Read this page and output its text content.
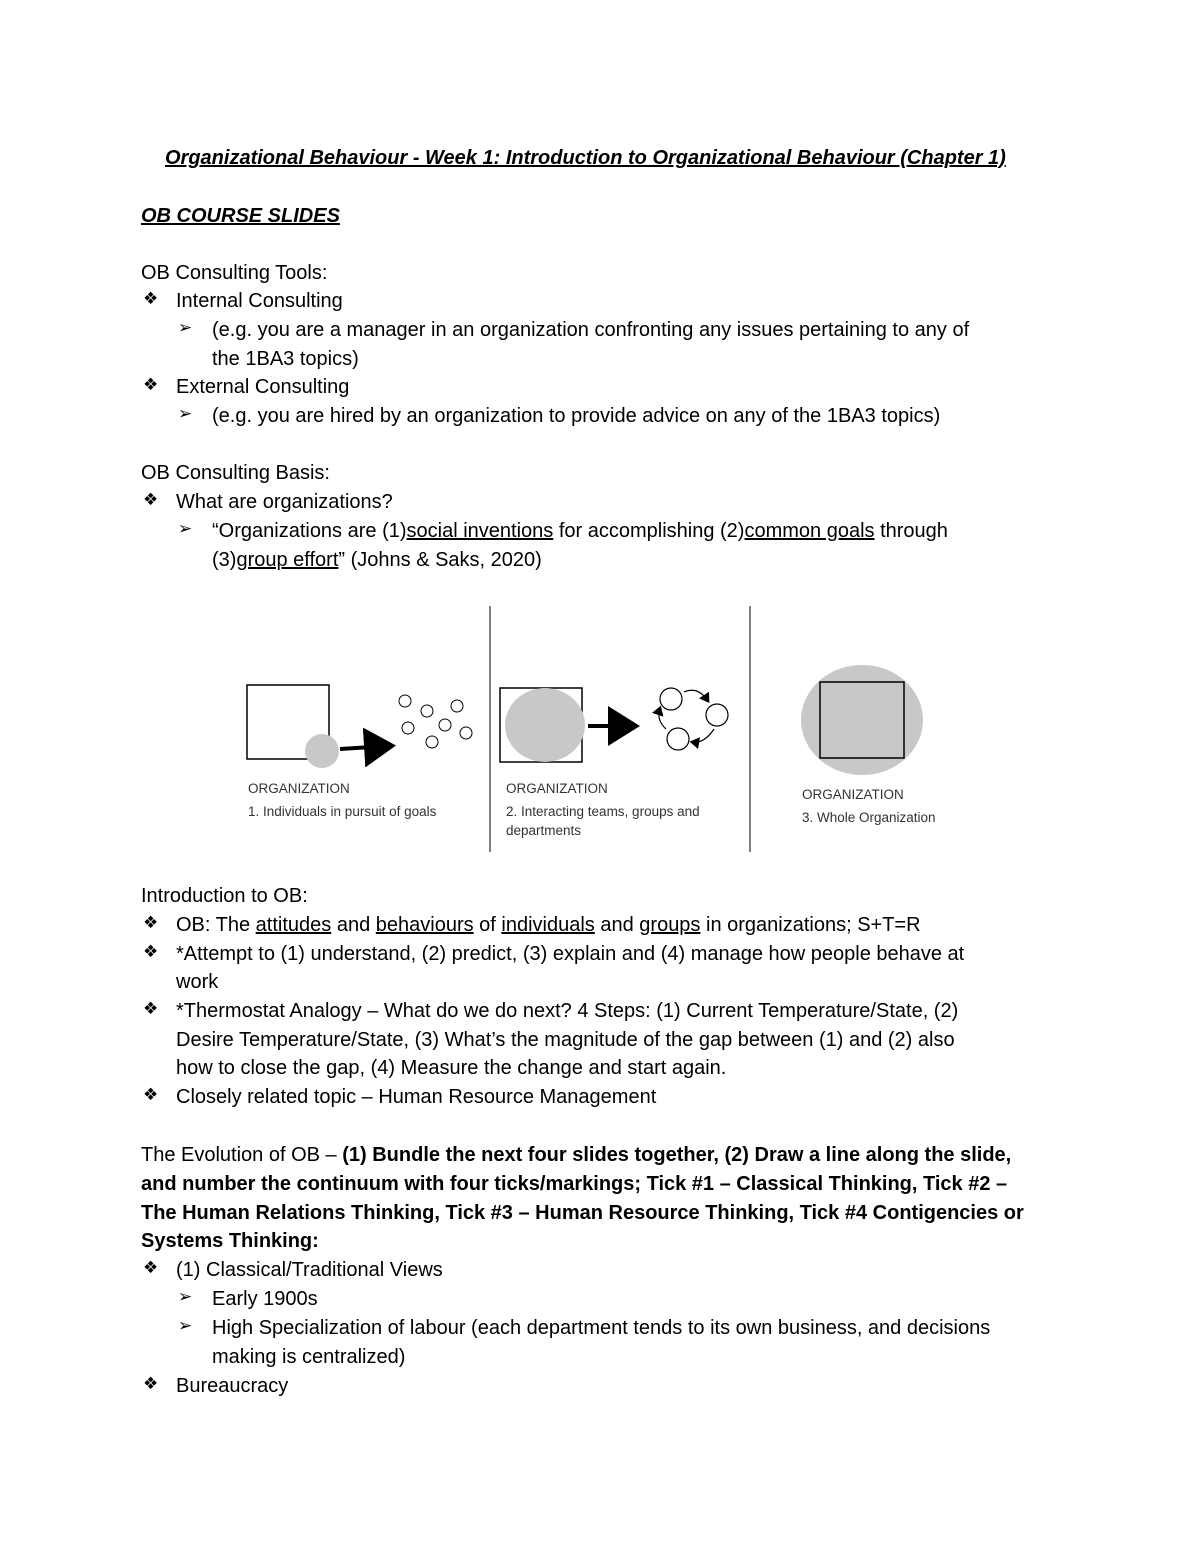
Organizational Behaviour - Week 1: Introduction to Organizational Behaviour (Chapter 1)
OB COURSE SLIDES
OB Consulting Tools:
❖ Internal Consulting
➢ (e.g. you are a manager in an organization confronting any issues pertaining to any of
the 1BA3 topics)
❖ External Consulting
➢ (e.g. you are hired by an organization to provide advice on any of the 1BA3 topics)
OB Consulting Basis:
❖ What are organizations?
➢ “Organizations are (1)social inventions for accomplishing (2)common goals through
(3)group effort” (Johns & Saks, 2020)
ORGANIZATION
1. Individuals in pursuit of goals
ORGANIZATION
2. Interacting teams, groups and
departments
ORGANIZATION
3. Whole Organization
Introduction to OB:
❖ OB: The attitudes and behaviours of individuals and groups in organizations; S+T=R
❖ *Attempt to (1) understand, (2) predict, (3) explain and (4) manage how people behave at
work
❖ *Thermostat Analogy – What do we do next? 4 Steps: (1) Current Temperature/State, (2)
Desire Temperature/State, (3) What’s the magnitude of the gap between (1) and (2) also
how to close the gap, (4) Measure the change and start again.
❖ Closely related topic – Human Resource Management
The Evolution of OB – (1) Bundle the next four slides together, (2) Draw a line along the slide,
and number the continuum with four ticks/markings; Tick #1 – Classical Thinking, Tick #2 –
The Human Relations Thinking, Tick #3 – Human Resource Thinking, Tick #4 Contigencies or
Systems Thinking:
❖ (1) Classical/Traditional Views
➢ Early 1900s
➢ High Specialization of labour (each department tends to its own business, and decisions
making is centralized)
❖ Bureaucracy
